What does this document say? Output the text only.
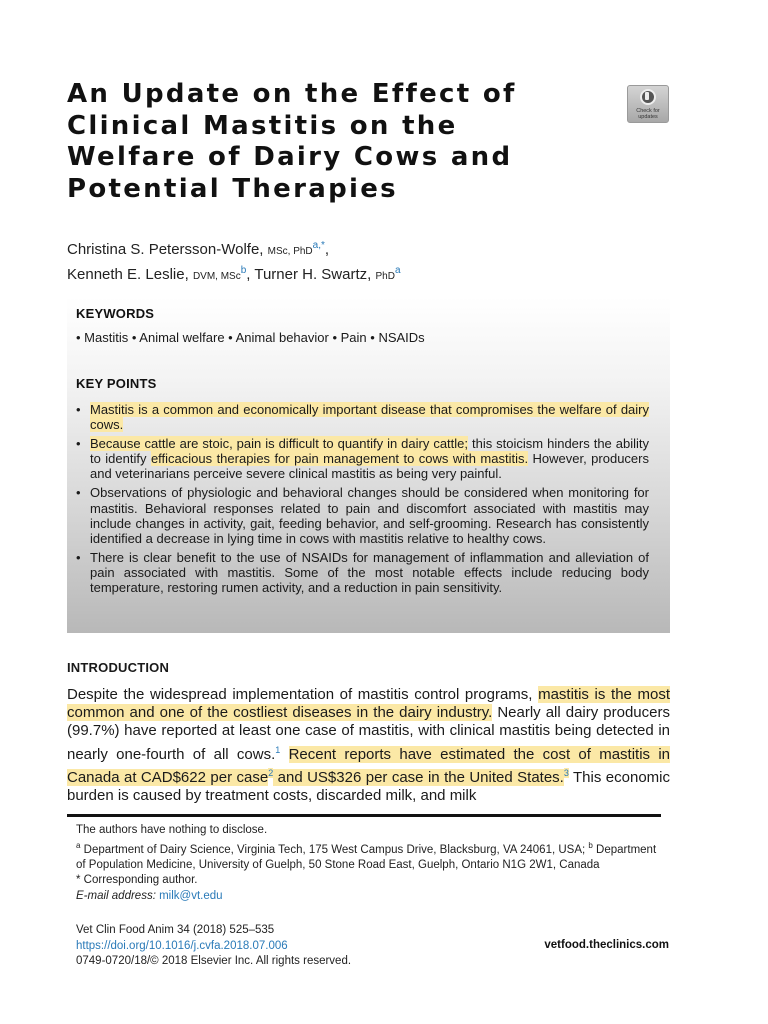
An Update on the Effect of
Clinical Mastitis on the
Welfare of Dairy Cows and
Potential Therapies
Check for
updates
Christina S. Petersson-Wolfe, MSc, PhD$^{a,*}$,
Kenneth E. Leslie, DVM, MSc$^b$, Turner H. Swartz, PhD$^a$
KEYWORDS
• Mastitis • Animal welfare • Animal behavior • Pain • NSAIDs
KEY POINTS
• Mastitis is a common and economically important disease that compromises the welfare of dairy cows.
• Because cattle are stoic, pain is difficult to quantify in dairy cattle; this stoicism hinders the ability to identify efficacious therapies for pain management to cows with mastitis. However, producers and veterinarians perceive severe clinical mastitis as being very painful.
• Observations of physiologic and behavioral changes should be considered when monitoring for mastitis. Behavioral responses related to pain and discomfort associated with mastitis may include changes in activity, gait, feeding behavior, and self-grooming. Research has consistently identified a decrease in lying time in cows with mastitis relative to healthy cows.
• There is clear benefit to the use of NSAIDs for management of inflammation and alleviation of pain associated with mastitis. Some of the most notable effects include reducing body temperature, restoring rumen activity, and a reduction in pain sensitivity.
INTRODUCTION

Despite the widespread implementation of mastitis control programs, mastitis is the most common and one of the costliest diseases in the dairy industry. Nearly all dairy producers (99.7%) have reported at least one case of mastitis, with clinical mastitis being detected in nearly one-fourth of all cows.$^1$ Recent reports have estimated the cost of mastitis in Canada at CAD$622 per case$^2$ and US$326 per case in the United States.$^3$ This economic burden is caused by treatment costs, discarded milk, and milk

The authors have nothing to disclose.

$^a$ Department of Dairy Science, Virginia Tech, 175 West Campus Drive, Blacksburg, VA 24061, USA; $^b$ Department of Population Medicine, University of Guelph, 50 Stone Road East, Guelph, Ontario N1G 2W1, Canada

* Corresponding author.

E-mail address: milk@vt.edu

Vet Clin Food Anim 34 (2018) 525–535

https://doi.org/10.1016/j.cvfa.2018.07.006

0749-0720/18/© 2018 Elsevier Inc. All rights reserved.

vetfood.theclinics.com
